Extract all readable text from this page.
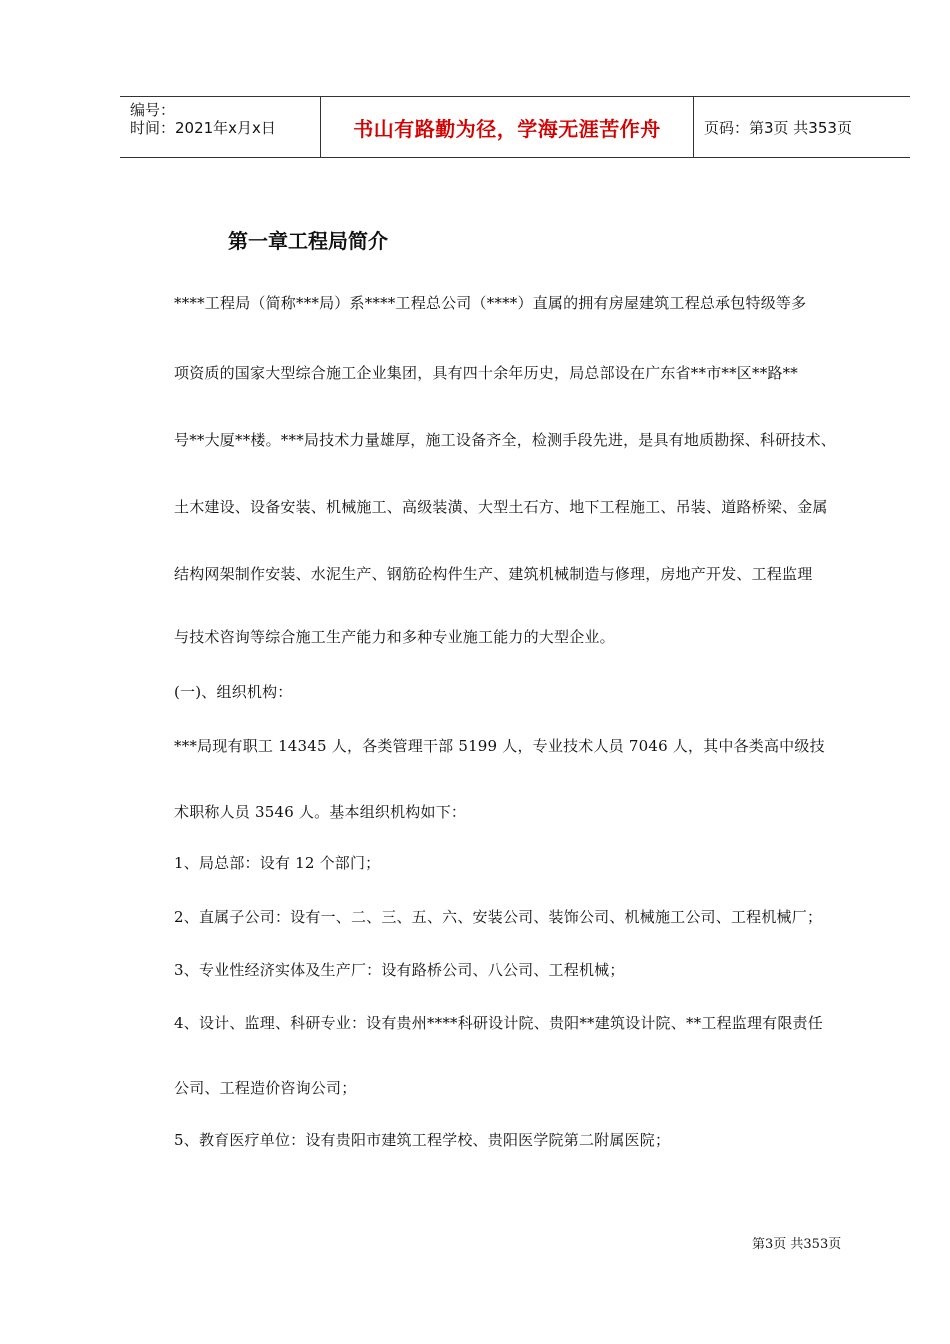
编号：
时间：2021年x月x日	书山有路勤为径，学海无涯苦作舟	页码：第3页 共353页
第一章工程局简介
****工程局（简称***局）系****工程总公司（****）直属的拥有房屋建筑工程总承包特级等多
项资质的国家大型综合施工企业集团，具有四十余年历史，局总部设在广东省**市**区**路**
号**大厦**楼。***局技术力量雄厚，施工设备齐全，检测手段先进，是具有地质勘探、科研技术、
土木建设、设备安装、机械施工、高级装潢、大型土石方、地下工程施工、吊装、道路桥梁、金属
结构网架制作安装、水泥生产、钢筋砼构件生产、建筑机械制造与修理，房地产开发、工程监理
与技术咨询等综合施工生产能力和多种专业施工能力的大型企业。
(一)、组织机构：
***局现有职工 14345 人，各类管理干部 5199 人，专业技术人员 7046 人，其中各类高中级技
术职称人员 3546 人。基本组织机构如下：
1、局总部：设有 12 个部门；
2、直属子公司：设有一、二、三、五、六、安装公司、装饰公司、机械施工公司、工程机械厂；
3、专业性经济实体及生产厂：设有路桥公司、八公司、工程机械；
4、设计、监理、科研专业：设有贵州****科研设计院、贵阳**建筑设计院、**工程监理有限责任
公司、工程造价咨询公司；
5、教育医疗单位：设有贵阳市建筑工程学校、贵阳医学院第二附属医院；
第3页 共353页
